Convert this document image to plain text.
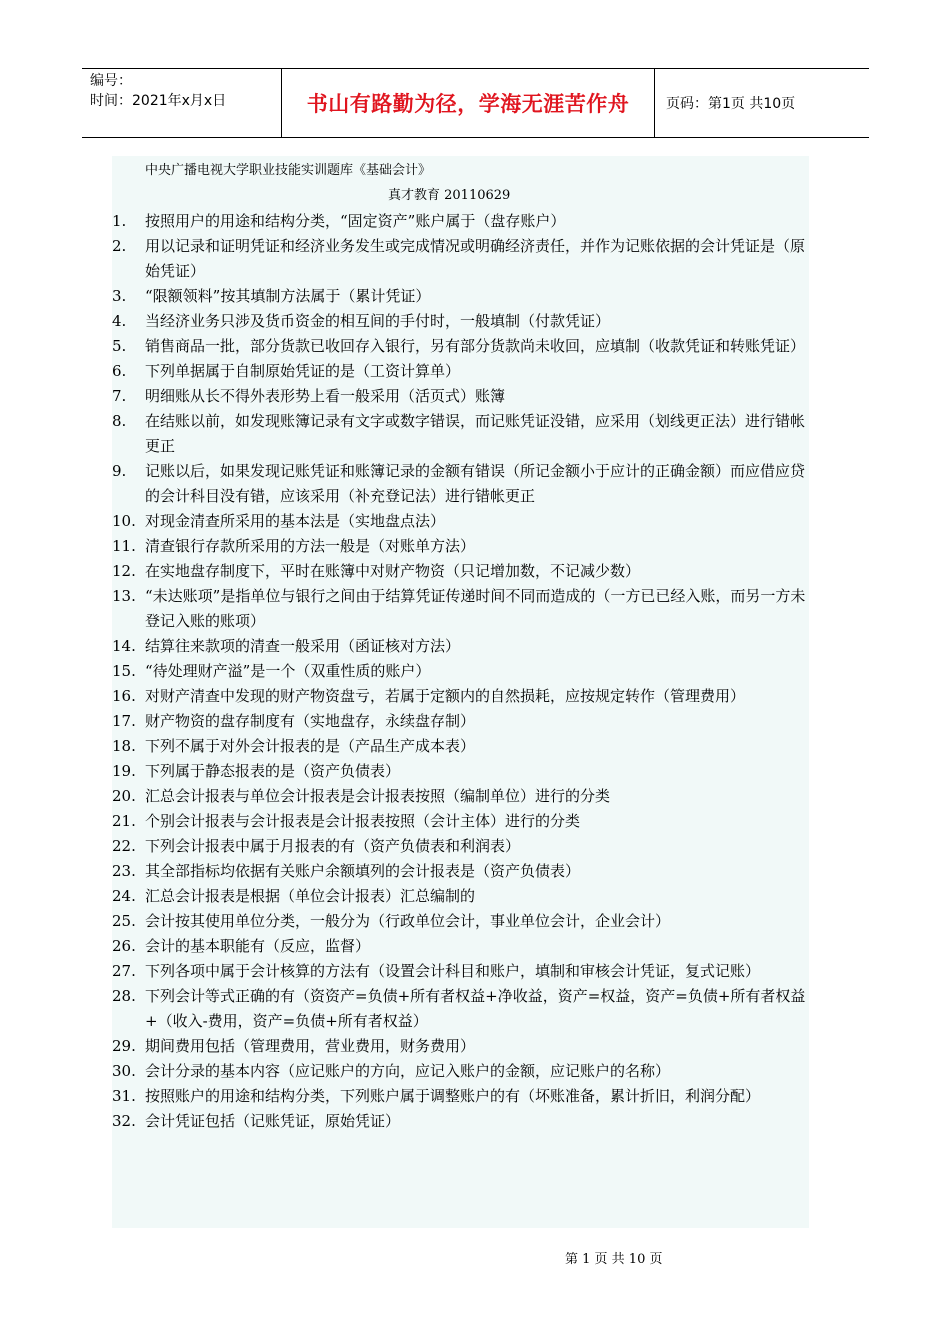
编号：
时间：2021年x月x日	书山有路勤为径，学海无涯苦作舟	页码：第1页 共10页
中央广播电视大学职业技能实训题库《基础会计》
真才教育 20110629
1.	按照用户的用途和结构分类，“固定资产”账户属于（盘存账户）
2.	用以记录和证明凭证和经济业务发生或完成情况或明确经济责任，并作为记账依据的会计凭证是（原始凭证）
3.	“限额领料”按其填制方法属于（累计凭证）
4.	当经济业务只涉及货币资金的相互间的手付时，一般填制（付款凭证）
5.	销售商品一批，部分货款已收回存入银行，另有部分货款尚未收回，应填制（收款凭证和转账凭证）
6.	下列单据属于自制原始凭证的是（工资计算单）
7.	明细账从长不得外表形势上看一般采用（活页式）账簿
8.	在结账以前，如发现账簿记录有文字或数字错误，而记账凭证没错，应采用（划线更正法）进行错帐更正
9.	记账以后，如果发现记账凭证和账簿记录的金额有错误（所记金额小于应计的正确金额）而应借应贷的会计科目没有错，应该采用（补充登记法）进行错帐更正
10. 对现金清查所采用的基本法是（实地盘点法）
11. 清查银行存款所采用的方法一般是（对账单方法）
12. 在实地盘存制度下，平时在账簿中对财产物资（只记增加数，不记减少数）
13. “未达账项”是指单位与银行之间由于结算凭证传递时间不同而造成的（一方已已经入账，而另一方未登记入账的账项）
14. 结算往来款项的清查一般采用（函证核对方法）
15. “待处理财产溢”是一个（双重性质的账户）
16. 对财产清查中发现的财产物资盘亏，若属于定额内的自然损耗，应按规定转作（管理费用）
17. 财产物资的盘存制度有（实地盘存，永续盘存制）
18. 下列不属于对外会计报表的是（产品生产成本表）
19. 下列属于静态报表的是（资产负债表）
20. 汇总会计报表与单位会计报表是会计报表按照（编制单位）进行的分类
21. 个别会计报表与会计报表是会计报表按照（会计主体）进行的分类
22. 下列会计报表中属于月报表的有（资产负债表和利润表）
23. 其全部指标均依据有关账户余额填列的会计报表是（资产负债表）
24. 汇总会计报表是根据（单位会计报表）汇总编制的
25. 会计按其使用单位分类，一般分为（行政单位会计，事业单位会计，企业会计）
26. 会计的基本职能有（反应，监督）
27. 下列各项中属于会计核算的方法有（设置会计科目和账户，填制和审核会计凭证，复式记账）
28. 下列会计等式正确的有（资资产=负债+所有者权益+净收益，资产=权益，资产=负债+所有者权益+（收入-费用，资产=负债+所有者权益）
29. 期间费用包括（管理费用，营业费用，财务费用）
30. 会计分录的基本内容（应记账户的方向，应记入账户的金额，应记账户的名称）
31. 按照账户的用途和结构分类，下列账户属于调整账户的有（坏账准备，累计折旧，利润分配）
32. 会计凭证包括（记账凭证，原始凭证）
第 1 页 共 10 页
